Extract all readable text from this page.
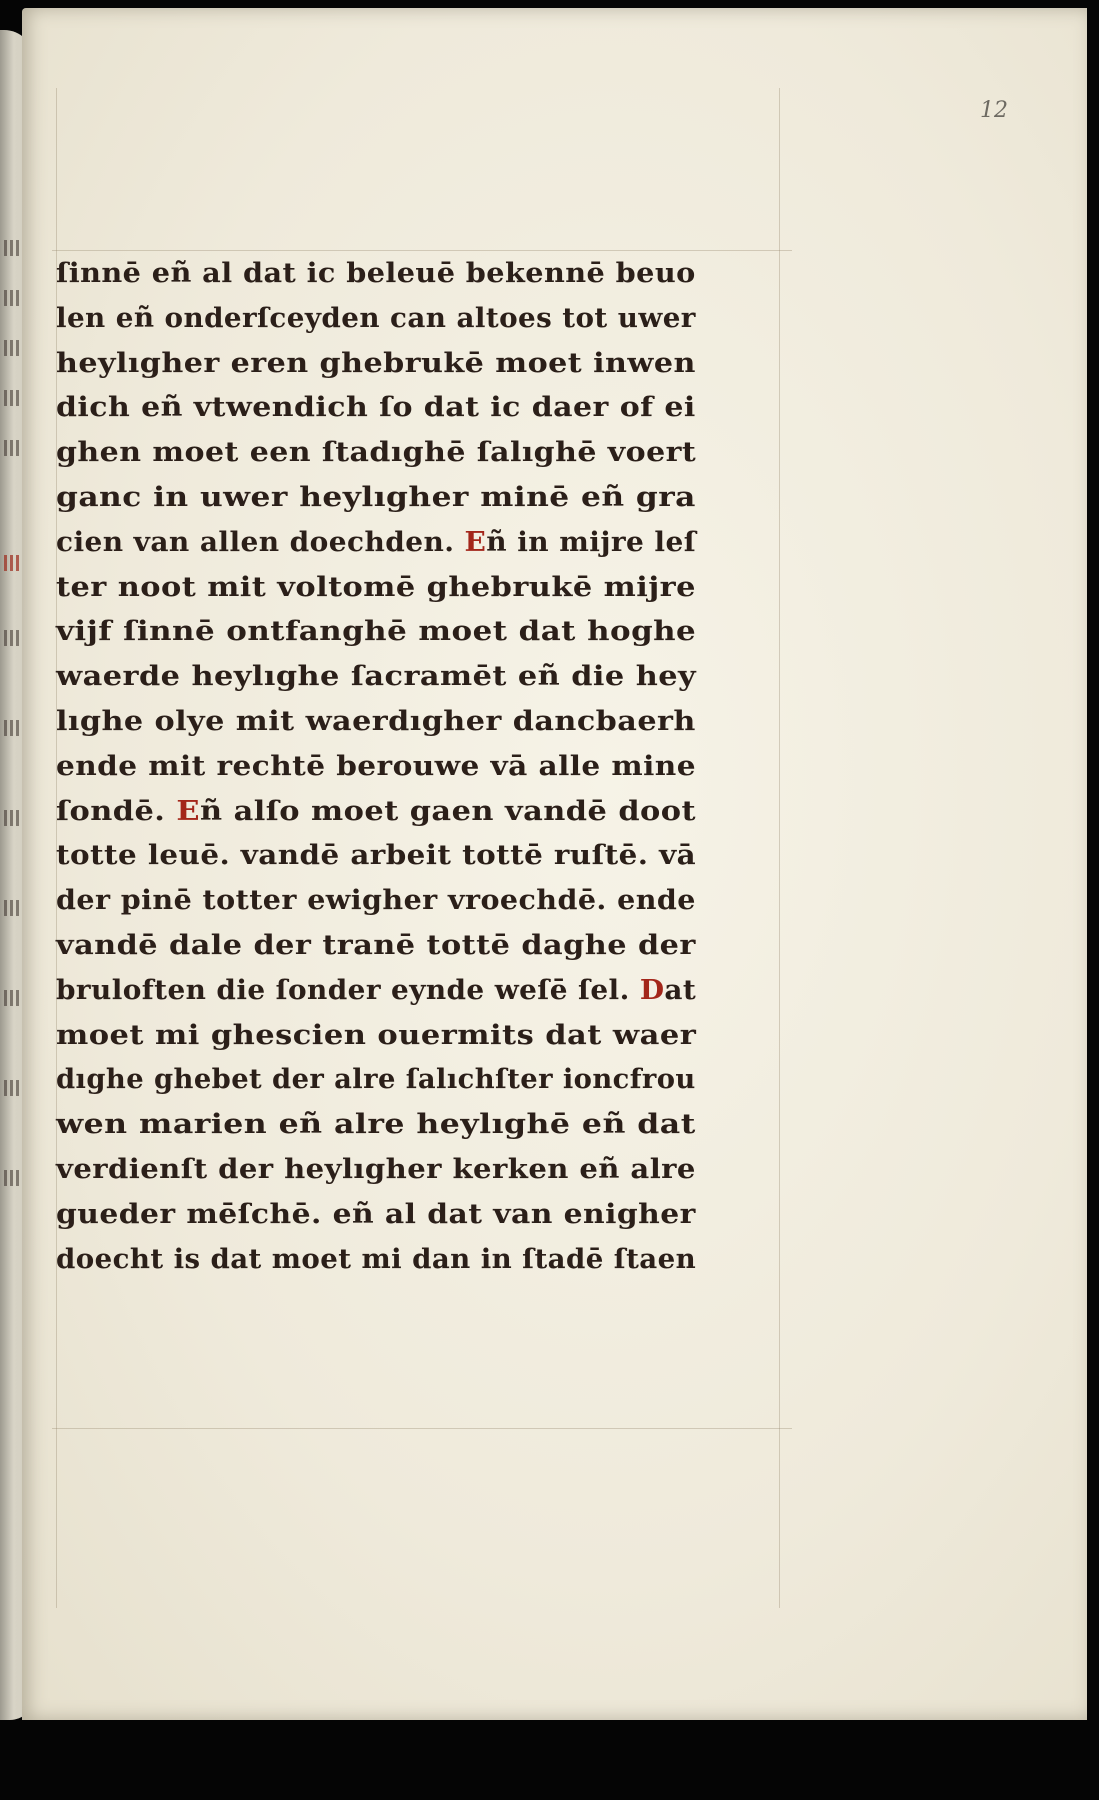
12
ſinnē eñ al dat ic beleuē bekennē beuo
len eñ onderſceyden can altoes tot uwer
heylıgher eren ghebrukē moet inwen
dich eñ vtwendich ſo dat ic daer of ei
ghen moet een ſtadıghē ſalıghē voert
ganc in uwer heylıgher minē eñ gra
cien van allen doechden. Eñ in mijre leſ
ter noot mit voltomē ghebrukē mijre
vijf ſinnē ontfanghē moet dat hoghe
waerde heylıghe ſacramēt eñ die hey
lıghe olye mit waerdıgher dancbaerh
ende mit rechtē berouwe vā alle mine
ſondē. Eñ alſo moet gaen vandē doot
totte leuē. vandē arbeit tottē ruſtē. vā
der pinē totter ewigher vroechdē. ende
vandē dale der tranē tottē daghe der
bruloften die ſonder eynde weſē ſel. Dat
moet mi ghescien ouermits dat waer
dıghe ghebet der alre ſalıchſter ioncfrou
wen marien eñ alre heylıghē eñ dat
verdienſt der heylıgher kerken eñ alre
gueder mēſchē. eñ al dat van enigher
doecht is dat moet mi dan in ſtadē ſtaen
